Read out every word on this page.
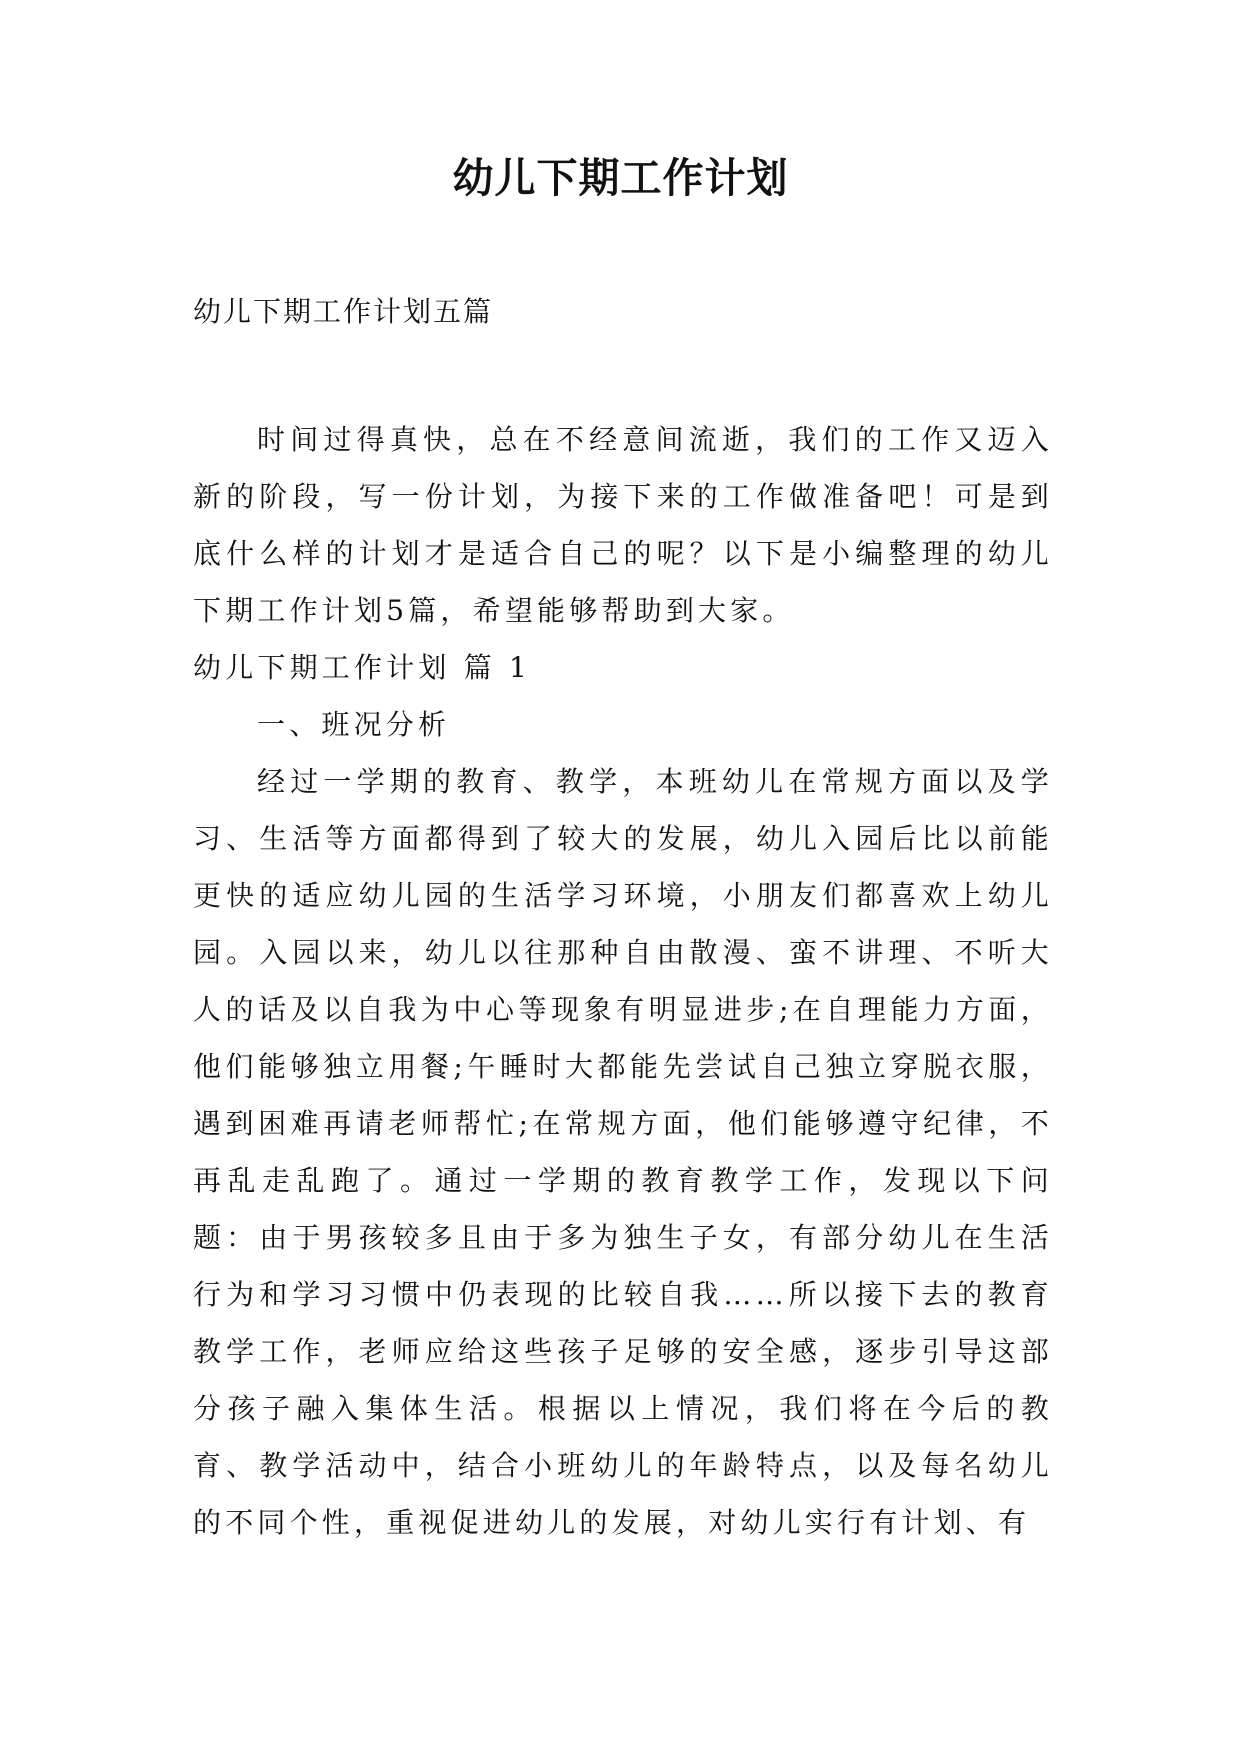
幼儿下期工作计划
幼儿下期工作计划五篇

时间过得真快，总在不经意间流逝，我们的工作又迈入新的阶段，写一份计划，为接下来的工作做准备吧！可是到底什么样的计划才是适合自己的呢？以下是小编整理的幼儿下期工作计划5篇，希望能够帮助到大家。

幼儿下期工作计划 篇 1

一、班况分析

经过一学期的教育、教学，本班幼儿在常规方面以及学习、生活等方面都得到了较大的发展，幼儿入园后比以前能更快的适应幼儿园的生活学习环境，小朋友们都喜欢上幼儿园。入园以来，幼儿以往那种自由散漫、蛮不讲理、不听大人的话及以自我为中心等现象有明显进步;在自理能力方面，他们能够独立用餐;午睡时大都能先尝试自己独立穿脱衣服，遇到困难再请老师帮忙;在常规方面，他们能够遵守纪律，不再乱走乱跑了。通过一学期的教育教学工作，发现以下问题：由于男孩较多且由于多为独生子女，有部分幼儿在生活行为和学习习惯中仍表现的比较自我……所以接下去的教育教学工作，老师应给这些孩子足够的安全感，逐步引导这部分孩子融入集体生活。根据以上情况，我们将在今后的教育、教学活动中，结合小班幼儿的年龄特点，以及每名幼儿的不同个性，重视促进幼儿的发展，对幼儿实行有计划、有
